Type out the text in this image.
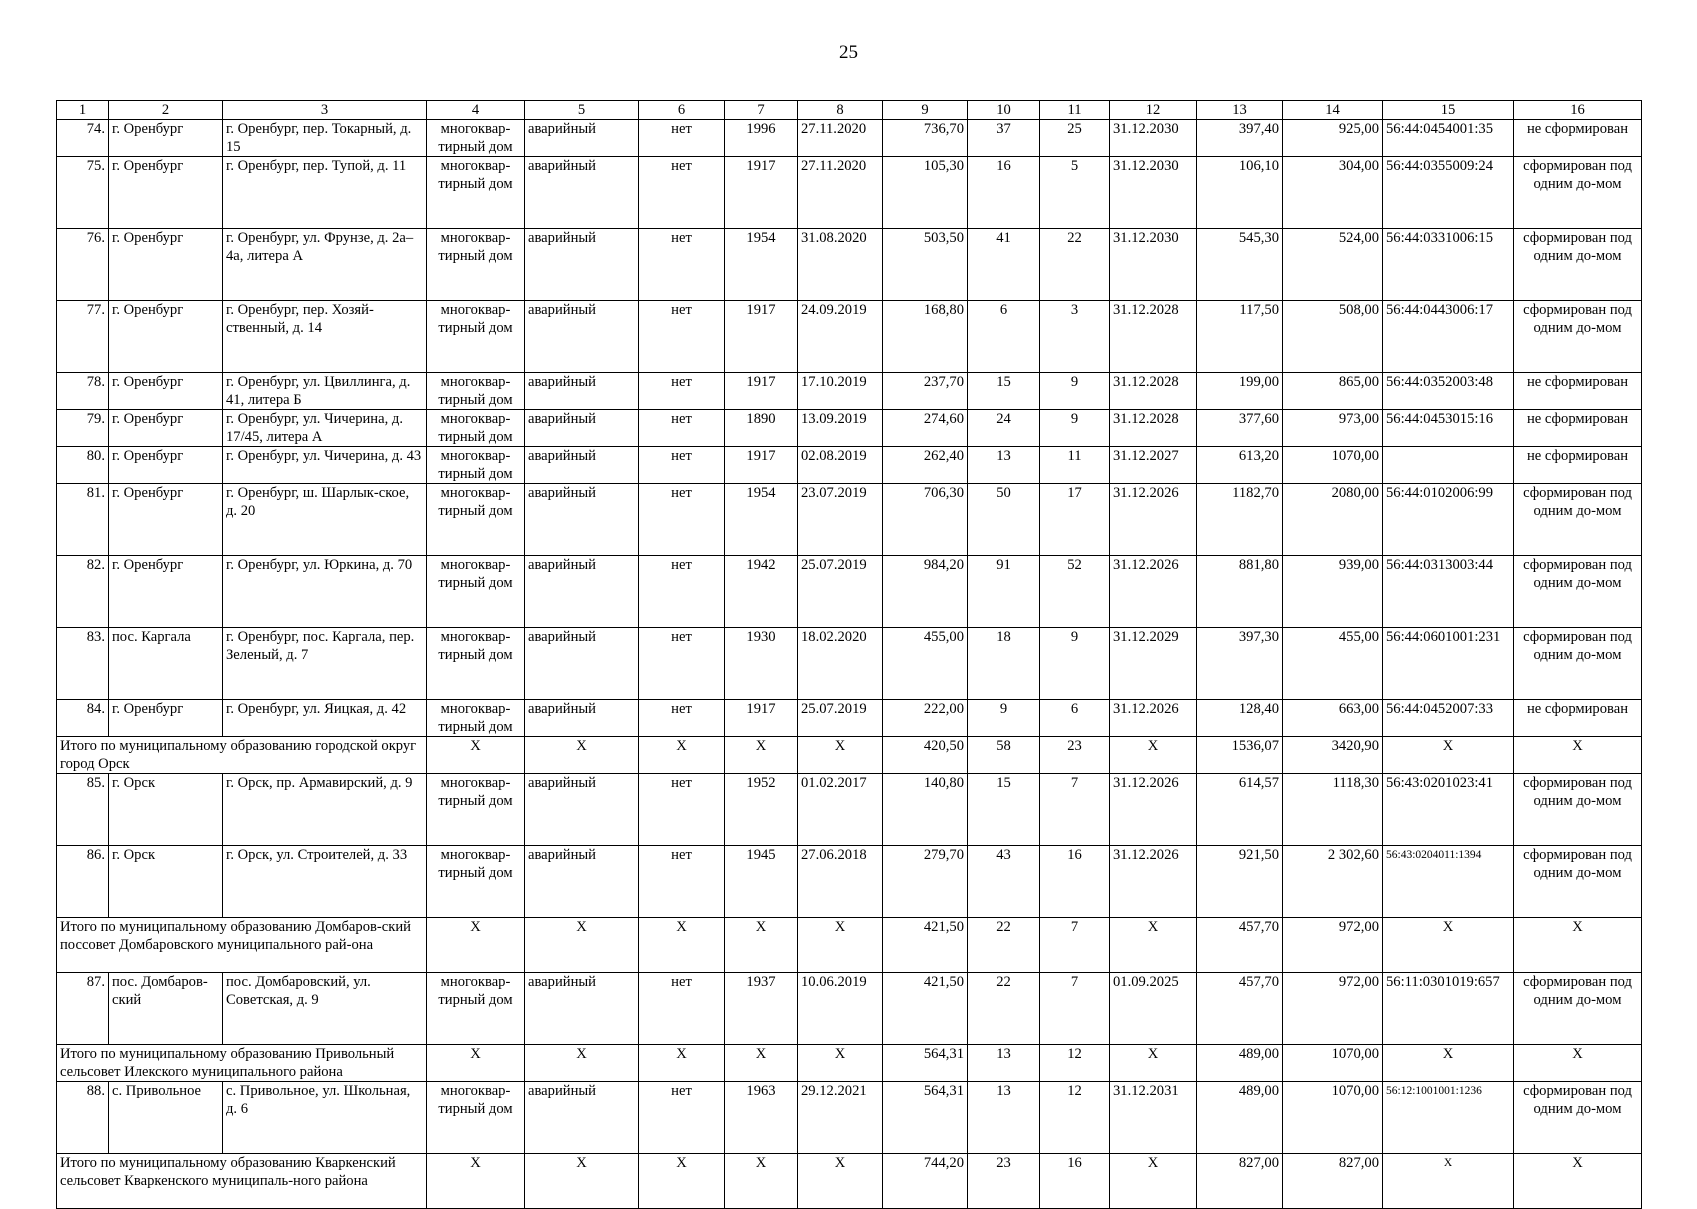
25
1	2	3	4	5	6	7	8	9	10	11	12	13	14	15	16
74.	г. Оренбург	г. Оренбург, пер. Токарный, д. 15	многоквар-тирный дом	аварийный	нет	1996	27.11.2020	736,70	37	25	31.12.2030	397,40	925,00	56:44:0454001:35	не сформирован
75.	г. Оренбург	г. Оренбург, пер. Тупой, д. 11	многоквар-тирный дом	аварийный	нет	1917	27.11.2020	105,30	16	5	31.12.2030	106,10	304,00	56:44:0355009:24	сформирован под одним до-мом
76.	г. Оренбург	г. Оренбург, ул. Фрунзе, д. 2а–4а, литера А	многоквар-тирный дом	аварийный	нет	1954	31.08.2020	503,50	41	22	31.12.2030	545,30	524,00	56:44:0331006:15	сформирован под одним до-мом
77.	г. Оренбург	г. Оренбург, пер. Хозяй-ственный, д. 14	многоквар-тирный дом	аварийный	нет	1917	24.09.2019	168,80	6	3	31.12.2028	117,50	508,00	56:44:0443006:17	сформирован под одним до-мом
78.	г. Оренбург	г. Оренбург, ул. Цвиллинга, д. 41, литера Б	многоквар-тирный дом	аварийный	нет	1917	17.10.2019	237,70	15	9	31.12.2028	199,00	865,00	56:44:0352003:48	не сформирован
79.	г. Оренбург	г. Оренбург, ул. Чичерина, д. 17/45, литера А	многоквар-тирный дом	аварийный	нет	1890	13.09.2019	274,60	24	9	31.12.2028	377,60	973,00	56:44:0453015:16	не сформирован
80.	г. Оренбург	г. Оренбург, ул. Чичерина, д. 43	многоквар-тирный дом	аварийный	нет	1917	02.08.2019	262,40	13	11	31.12.2027	613,20	1070,00		не сформирован
81.	г. Оренбург	г. Оренбург, ш. Шарлык-ское, д. 20	многоквар-тирный дом	аварийный	нет	1954	23.07.2019	706,30	50	17	31.12.2026	1182,70	2080,00	56:44:0102006:99	сформирован под одним до-мом
82.	г. Оренбург	г. Оренбург, ул. Юркина, д. 70	многоквар-тирный дом	аварийный	нет	1942	25.07.2019	984,20	91	52	31.12.2026	881,80	939,00	56:44:0313003:44	сформирован под одним до-мом
83.	пос. Каргала	г. Оренбург, пос. Каргала, пер. Зеленый, д. 7	многоквар-тирный дом	аварийный	нет	1930	18.02.2020	455,00	18	9	31.12.2029	397,30	455,00	56:44:0601001:231	сформирован под одним до-мом
84.	г. Оренбург	г. Оренбург, ул. Яицкая, д. 42	многоквар-тирный дом	аварийный	нет	1917	25.07.2019	222,00	9	6	31.12.2026	128,40	663,00	56:44:0452007:33	не сформирован
Итого по муниципальному образованию городской округ город Орск			X	X	X	X	X	420,50	58	23	X	1536,07	3420,90	X	X
85.	г. Орск	г. Орск, пр. Армавирский, д. 9	многоквар-тирный дом	аварийный	нет	1952	01.02.2017	140,80	15	7	31.12.2026	614,57	1118,30	56:43:0201023:41	сформирован под одним до-мом
86.	г. Орск	г. Орск, ул. Строителей, д. 33	многоквар-тирный дом	аварийный	нет	1945	27.06.2018	279,70	43	16	31.12.2026	921,50	2 302,60	56:43:0204011:1394	сформирован под одним до-мом
Итого по муниципальному образованию Домбаров-ский поссовет Домбаровского муниципального рай-она			X	X	X	X	X	421,50	22	7	X	457,70	972,00	X	X
87.	пос. Домбаров-ский	пос. Домбаровский, ул. Советская, д. 9	многоквар-тирный дом	аварийный	нет	1937	10.06.2019	421,50	22	7	01.09.2025	457,70	972,00	56:11:0301019:657	сформирован под одним до-мом
Итого по муниципальному образованию Привольный сельсовет Илекского муниципального района			X	X	X	X	X	564,31	13	12	X	489,00	1070,00	X	X
88.	с. Привольное	с. Привольное, ул. Школьная, д. 6	многоквар-тирный дом	аварийный	нет	1963	29.12.2021	564,31	13	12	31.12.2031	489,00	1070,00	56:12:1001001:1236	сформирован под одним до-мом
Итого по муниципальному образованию Кваркенский сельсовет Кваркенского муниципаль-ного района			X	X	X	X	X	744,20	23	16	X	827,00	827,00	X	X
